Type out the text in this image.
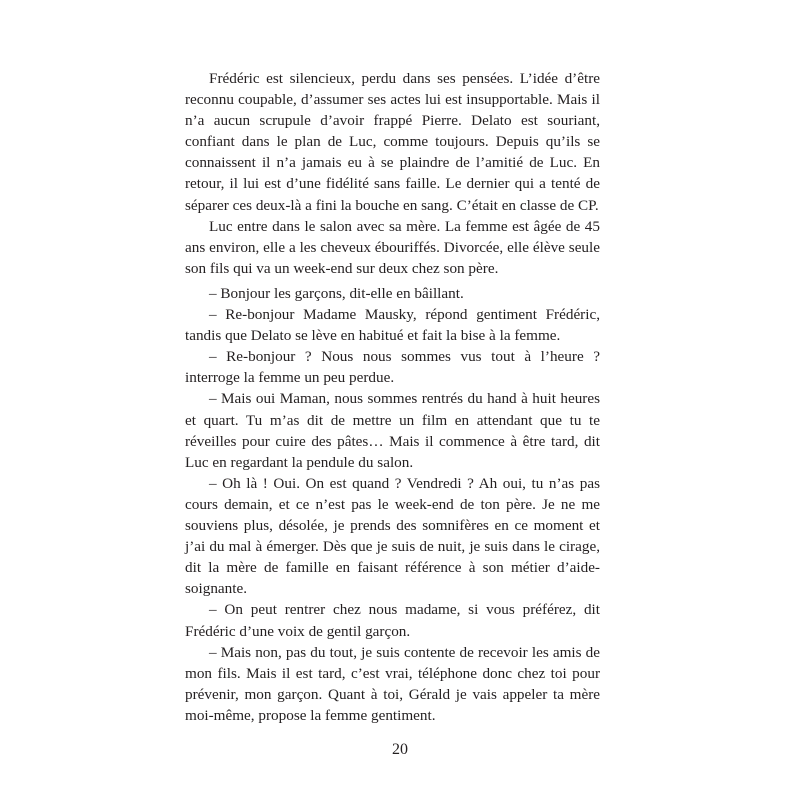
Frédéric est silencieux, perdu dans ses pensées. L’idée d’être reconnu coupable, d’assumer ses actes lui est insupportable. Mais il n’a aucun scrupule d’avoir frappé Pierre. Delato est souriant, confiant dans le plan de Luc, comme toujours. Depuis qu’ils se connaissent il n’a jamais eu à se plaindre de l’amitié de Luc. En retour, il lui est d’une fidélité sans faille. Le dernier qui a tenté de séparer ces deux-là a fini la bouche en sang. C’était en classe de CP.

Luc entre dans le salon avec sa mère. La femme est âgée de 45 ans environ, elle a les cheveux ébouriffés. Divorcée, elle élève seule son fils qui va un week-end sur deux chez son père.

– Bonjour les garçons, dit-elle en bâillant.

– Re-bonjour Madame Mausky, répond gentiment Frédéric, tandis que Delato se lève en habitué et fait la bise à la femme.

– Re-bonjour ? Nous nous sommes vus tout à l’heure ? interroge la femme un peu perdue.

– Mais oui Maman, nous sommes rentrés du hand à huit heures et quart. Tu m’as dit de mettre un film en attendant que tu te réveilles pour cuire des pâtes… Mais il commence à être tard, dit Luc en regardant la pendule du salon.

– Oh là ! Oui. On est quand ? Vendredi ? Ah oui, tu n’as pas cours demain, et ce n’est pas le week-end de ton père. Je ne me souviens plus, désolée, je prends des somnifères en ce moment et j’ai du mal à émerger. Dès que je suis de nuit, je suis dans le cirage, dit la mère de famille en faisant référence à son métier d’aide-soignante.

– On peut rentrer chez nous madame, si vous préférez, dit Frédéric d’une voix de gentil garçon.

– Mais non, pas du tout, je suis contente de recevoir les amis de mon fils. Mais il est tard, c’est vrai, téléphone donc chez toi pour prévenir, mon garçon. Quant à toi, Gérald je vais appeler ta mère moi-même, propose la femme gentiment.

20
